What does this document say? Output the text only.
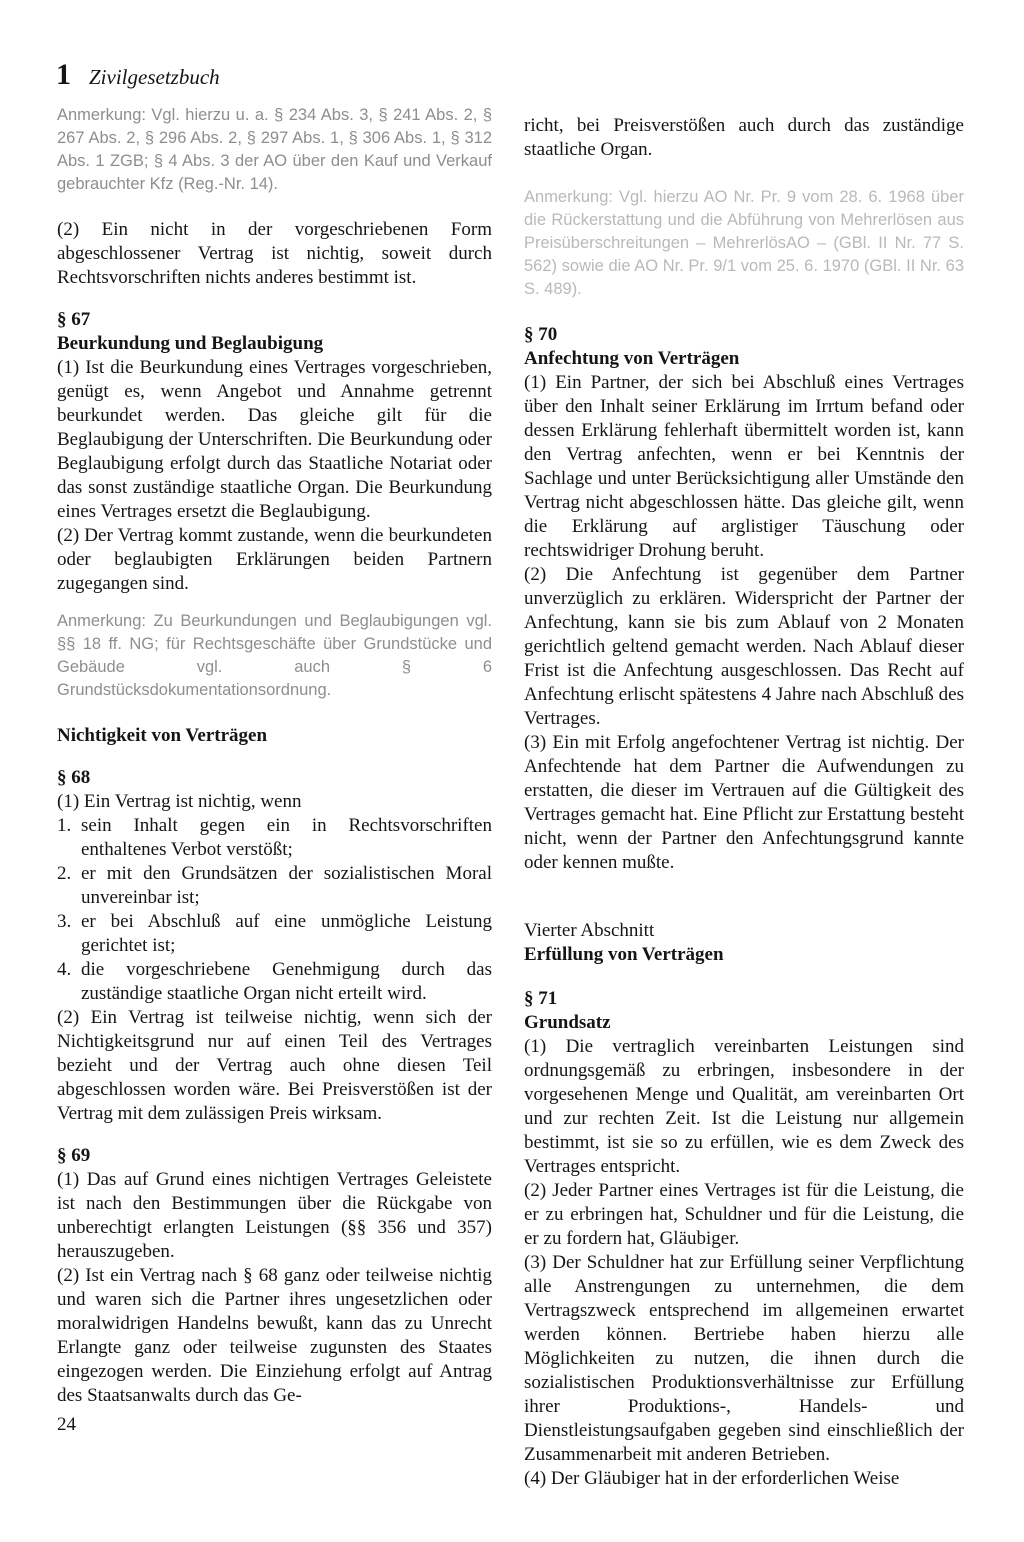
1 Zivilgesetzbuch

Anmerkung: Vgl. hierzu u. a. § 234 Abs. 3, § 241 Abs. 2, § 267 Abs. 2, § 296 Abs. 2, § 297 Abs. 1, § 306 Abs. 1, § 312 Abs. 1 ZGB; § 4 Abs. 3 der AO über den Kauf und Verkauf gebrauchter Kfz (Reg.-Nr. 14).

(2) Ein nicht in der vorgeschriebenen Form abgeschlossener Vertrag ist nichtig, soweit durch Rechtsvorschriften nichts anderes bestimmt ist.

§ 67
Beurkundung und Beglaubigung

(1) Ist die Beurkundung eines Vertrages vorgeschrieben, genügt es, wenn Angebot und Annahme getrennt beurkundet werden. Das gleiche gilt für die Beglaubigung der Unterschriften. Die Beurkundung oder Beglaubigung erfolgt durch das Staatliche Notariat oder das sonst zuständige staatliche Organ. Die Beurkundung eines Vertrages ersetzt die Beglaubigung.

(2) Der Vertrag kommt zustande, wenn die beurkundeten oder beglaubigten Erklärungen beiden Partnern zugegangen sind.

Anmerkung: Zu Beurkundungen und Beglaubigungen vgl. §§ 18 ff. NG; für Rechtsgeschäfte über Grundstücke und Gebäude vgl. auch § 6 Grundstücksdokumentationsordnung.

Nichtigkeit von Verträgen
§ 68

(1) Ein Vertrag ist nichtig, wenn

1. sein Inhalt gegen ein in Rechtsvorschriften enthaltenes Verbot verstößt;
2. er mit den Grundsätzen der sozialistischen Moral unvereinbar ist;
3. er bei Abschluß auf eine unmögliche Leistung gerichtet ist;
4. die vorgeschriebene Genehmigung durch das zuständige staatliche Organ nicht erteilt wird.

(2) Ein Vertrag ist teilweise nichtig, wenn sich der Nichtigkeitsgrund nur auf einen Teil des Vertrages bezieht und der Vertrag auch ohne diesen Teil abgeschlossen worden wäre. Bei Preisverstößen ist der Vertrag mit dem zulässigen Preis wirksam.

§ 69

(1) Das auf Grund eines nichtigen Vertrages Geleistete ist nach den Bestimmungen über die Rückgabe von unberechtigt erlangten Leistungen (§§ 356 und 357) herauszugeben.

(2) Ist ein Vertrag nach § 68 ganz oder teilweise nichtig und waren sich die Partner ihres ungesetzlichen oder moralwidrigen Handelns bewußt, kann das zu Unrecht Erlangte ganz oder teilweise zugunsten des Staates eingezogen werden. Die Einziehung erfolgt auf Antrag des Staatsanwalts durch das Ge-

richt, bei Preisverstößen auch durch das zuständige staatliche Organ.

Anmerkung: Vgl. hierzu AO Nr. Pr. 9 vom 28. 6. 1968 über die Rückerstattung und die Abführung von Mehrerlösen aus Preisüberschreitungen – MehrerlösAO – (GBl. II Nr. 77 S. 562) sowie die AO Nr. Pr. 9/1 vom 25. 6. 1970 (GBl. II Nr. 63 S. 489).

§ 70
Anfechtung von Verträgen

(1) Ein Partner, der sich bei Abschluß eines Vertrages über den Inhalt seiner Erklärung im Irrtum befand oder dessen Erklärung fehlerhaft übermittelt worden ist, kann den Vertrag anfechten, wenn er bei Kenntnis der Sachlage und unter Berücksichtigung aller Umstände den Vertrag nicht abgeschlossen hätte. Das gleiche gilt, wenn die Erklärung auf arglistiger Täuschung oder rechtswidriger Drohung beruht.

(2) Die Anfechtung ist gegenüber dem Partner unverzüglich zu erklären. Widerspricht der Partner der Anfechtung, kann sie bis zum Ablauf von 2 Monaten gerichtlich geltend gemacht werden. Nach Ablauf dieser Frist ist die Anfechtung ausgeschlossen. Das Recht auf Anfechtung erlischt spätestens 4 Jahre nach Abschluß des Vertrages.

(3) Ein mit Erfolg angefochtener Vertrag ist nichtig. Der Anfechtende hat dem Partner die Aufwendungen zu erstatten, die dieser im Vertrauen auf die Gültigkeit des Vertrages gemacht hat. Eine Pflicht zur Erstattung besteht nicht, wenn der Partner den Anfechtungsgrund kannte oder kennen mußte.

Vierter Abschnitt
Erfüllung von Verträgen
§ 71
Grundsatz

(1) Die vertraglich vereinbarten Leistungen sind ordnungsgemäß zu erbringen, insbesondere in der vorgesehenen Menge und Qualität, am vereinbarten Ort und zur rechten Zeit. Ist die Leistung nur allgemein bestimmt, ist sie so zu erfüllen, wie es dem Zweck des Vertrages entspricht.

(2) Jeder Partner eines Vertrages ist für die Leistung, die er zu erbringen hat, Schuldner und für die Leistung, die er zu fordern hat, Gläubiger.

(3) Der Schuldner hat zur Erfüllung seiner Verpflichtung alle Anstrengungen zu unternehmen, die dem Vertragszweck entsprechend im allgemeinen erwartet werden können. Bertriebe haben hierzu alle Möglichkeiten zu nutzen, die ihnen durch die sozialistischen Produktionsverhältnisse zur Erfüllung ihrer Produktions-, Handels- und Dienstleistungsaufgaben gegeben sind einschließlich der Zusammenarbeit mit anderen Betrieben.

(4) Der Gläubiger hat in der erforderlichen Weise

24
